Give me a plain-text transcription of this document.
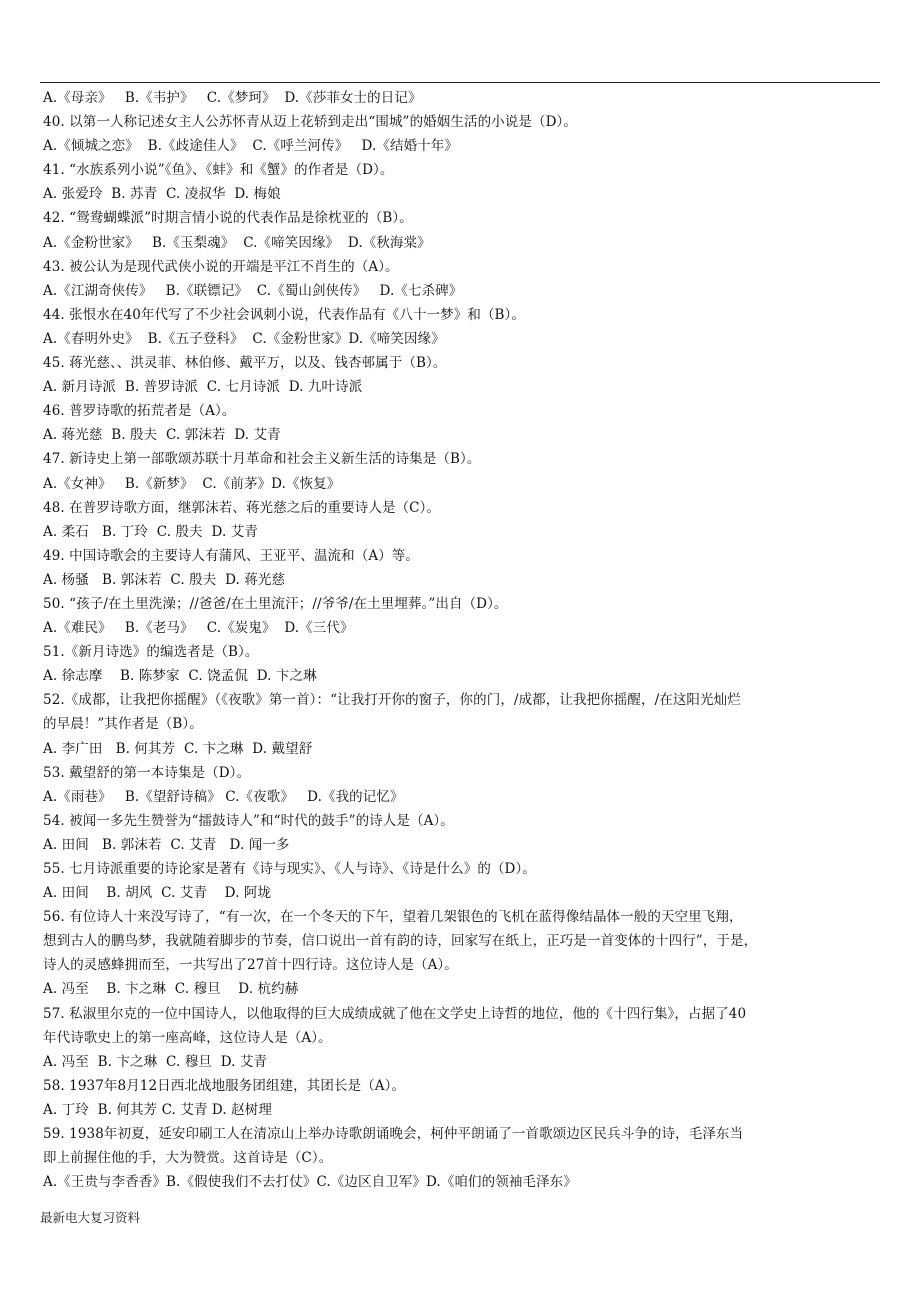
A.《母亲》   B.《韦护》   C.《梦珂》  D.《莎菲女士的日记》
40. 以第一人称记述女主人公苏怀青从迈上花轿到走出“围城”的婚姻生活的小说是（D）。
A.《倾城之恋》  B.《歧途佳人》  C.《呼兰河传》   D.《结婚十年》
41. “水族系列小说”《鱼》、《蚌》和《蟹》的作者是（D）。
A. 张爱玲  B. 苏青  C. 凌叔华  D. 梅娘
42. “鸳鸯蝴蝶派”时期言情小说的代表作品是徐枕亚的（B）。
A.《金粉世家》   B.《玉梨魂》  C.《啼笑因缘》  D.《秋海棠》
43. 被公认为是现代武侠小说的开端是平江不肖生的（A）。
A.《江湖奇侠传》   B.《联镖记》  C.《蜀山剑侠传》   D.《七杀碑》
44. 张恨水在40年代写了不少社会讽刺小说，代表作品有《八十一梦》和（B）。
A.《春明外史》  B.《五子登科》  C.《金粉世家》D.《啼笑因缘》
45. 蒋光慈、、洪灵菲、林伯修、戴平万，以及、钱杏邨属于（B）。
A. 新月诗派  B. 普罗诗派  C. 七月诗派  D. 九叶诗派
46. 普罗诗歌的拓荒者是（A）。
A. 蒋光慈  B. 殷夫  C. 郭沫若  D. 艾青
47. 新诗史上第一部歌颂苏联十月革命和社会主义新生活的诗集是（B）。
A.《女神》   B.《新梦》  C.《前茅》D.《恢复》
48. 在普罗诗歌方面，继郭沫若、蒋光慈之后的重要诗人是（C）。
A. 柔石   B. 丁玲  C. 殷夫  D. 艾青
49. 中国诗歌会的主要诗人有蒲风、王亚平、温流和（A）等。
A. 杨骚   B. 郭沫若  C. 殷夫  D. 蒋光慈
50. “孩子/在土里洗澡；//爸爸/在土里流汗；//爷爷/在土里埋葬。”出自（D）。
A.《难民》   B.《老马》   C.《炭鬼》  D.《三代》
51.《新月诗选》的编选者是（B）。
A. 徐志摩    B. 陈梦家  C. 饶孟侃  D. 卞之琳
52.《成都，让我把你摇醒》（《夜歌》第一首）：“让我打开你的窗子，你的门，/成都，让我把你摇醒，/在这阳光灿烂
的早晨！”其作者是（B）。
A. 李广田   B. 何其芳  C. 卞之琳  D. 戴望舒
53. 戴望舒的第一本诗集是（D）。
A.《雨巷》   B.《望舒诗稿》 C.《夜歌》   D.《我的记忆》
54. 被闻一多先生赞誉为“擂鼓诗人”和“时代的鼓手”的诗人是（A）。
A. 田间   B. 郭沫若  C. 艾青   D. 闻一多
55. 七月诗派重要的诗论家是著有《诗与现实》、《人与诗》、《诗是什么》的（D）。
A. 田间    B. 胡风  C. 艾青    D. 阿垅
56. 有位诗人十来没写诗了，“有一次，在一个冬天的下午，望着几架银色的飞机在蓝得像结晶体一般的天空里飞翔，
想到古人的鹏鸟梦，我就随着脚步的节奏，信口说出一首有韵的诗，回家写在纸上，正巧是一首变体的十四行”，于是，
诗人的灵感蜂拥而至，一共写出了27首十四行诗。这位诗人是（A）。
A. 冯至    B. 卞之琳  C. 穆旦    D. 杭约赫
57. 私淑里尔克的一位中国诗人，以他取得的巨大成绩成就了他在文学史上诗哲的地位，他的《十四行集》，占据了40
年代诗歌史上的第一座高峰，这位诗人是（A）。
A. 冯至  B. 卞之琳  C. 穆旦  D. 艾青
58. 1937年8月12日西北战地服务团组建，其团长是（A）。
A. 丁玲  B. 何其芳 C. 艾青 D. 赵树理
59. 1938年初夏，延安印刷工人在清凉山上举办诗歌朗诵晚会，柯仲平朗诵了一首歌颂边区民兵斗争的诗，毛泽东当
即上前握住他的手，大为赞赏。这首诗是（C）。
A.《王贵与李香香》B.《假使我们不去打仗》C.《边区自卫军》D.《咱们的领袖毛泽东》
最新电大复习资料
